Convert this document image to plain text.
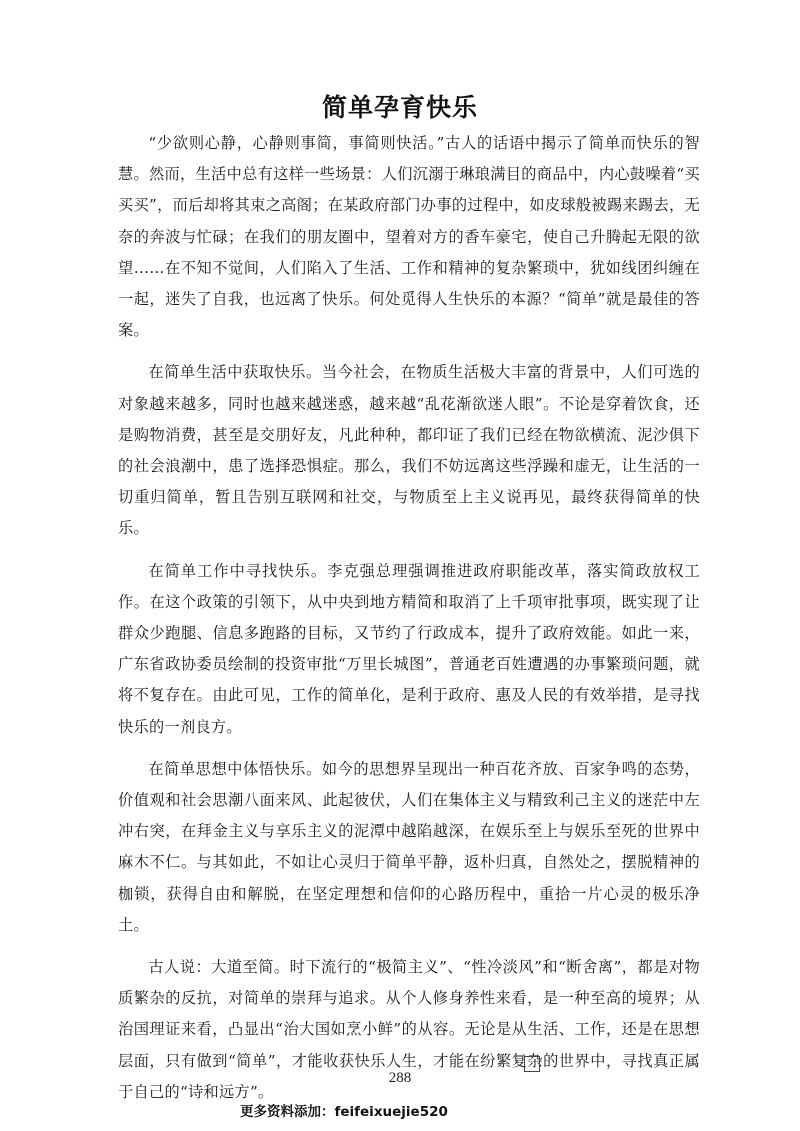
简单孕育快乐

“少欲则心静，心静则事简，事简则快活。”古人的话语中揭示了简单而快乐的智慧。然而，生活中总有这样一些场景：人们沉溺于琳琅满目的商品中，内心鼓噪着“买买买”，而后却将其束之高阁；在某政府部门办事的过程中，如皮球般被踢来踢去，无奈的奔波与忙碌；在我们的朋友圈中，望着对方的香车豪宅，使自己升腾起无限的欲望……在不知不觉间，人们陷入了生活、工作和精神的复杂繁琐中，犹如线团纠缠在一起，迷失了自我，也远离了快乐。何处觅得人生快乐的本源？“简单”就是最佳的答案。

在简单生活中获取快乐。当今社会，在物质生活极大丰富的背景中，人们可选的对象越来越多，同时也越来越迷惑，越来越“乱花渐欲迷人眼”。不论是穿着饮食，还是购物消费，甚至是交朋好友，凡此种种，都印证了我们已经在物欲横流、泥沙俱下的社会浪潮中，患了选择恐惧症。那么，我们不妨远离这些浮躁和虚无，让生活的一切重归简单，暂且告别互联网和社交，与物质至上主义说再见，最终获得简单的快乐。

在简单工作中寻找快乐。李克强总理强调推进政府职能改革，落实简政放权工作。在这个政策的引领下，从中央到地方精简和取消了上千项审批事项，既实现了让群众少跑腿、信息多跑路的目标，又节约了行政成本，提升了政府效能。如此一来，广东省政协委员绘制的投资审批“万里长城图”，普通老百姓遭遇的办事繁琐问题，就将不复存在。由此可见，工作的简单化，是利于政府、惠及人民的有效举措，是寻找快乐的一剂良方。

在简单思想中体悟快乐。如今的思想界呈现出一种百花齐放、百家争鸣的态势，价值观和社会思潮八面来风、此起彼伏，人们在集体主义与精致利己主义的迷茫中左冲右突，在拜金主义与享乐主义的泥潭中越陷越深，在娱乐至上与娱乐至死的世界中麻木不仁。与其如此，不如让心灵归于简单平静，返朴归真，自然处之，摆脱精神的枷锁，获得自由和解脱，在坚定理想和信仰的心路历程中，重拾一片心灵的极乐净土。

古人说：大道至简。时下流行的“极简主义”、“性冷淡风”和“断舍离”，都是对物质繁杂的反抗，对简单的崇拜与追求。从个人修身养性来看，是一种至高的境界；从治国理证来看，凸显出“治大国如烹小鲜”的从容。无论是从生活、工作，还是在思想层面，只有做到“简单”，才能收获快乐人生，才能在纷繁复杂的世界中，寻找真正属于自己的“诗和远方”。

288
更多资料添加：feifeixuejie520
